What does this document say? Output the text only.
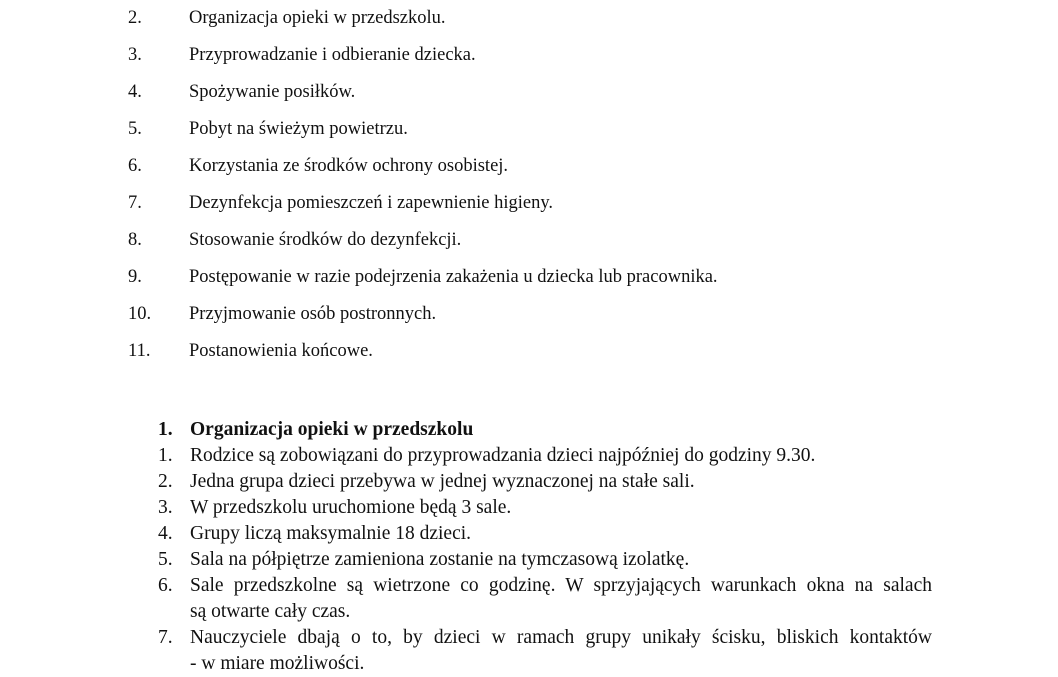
2.	Organizacja opieki w przedszkolu.
3.	Przyprowadzanie i odbieranie dziecka.
4.	Spożywanie posiłków.
5.	Pobyt na świeżym powietrzu.
6.	Korzystania ze środków ochrony osobistej.
7.	Dezynfekcja pomieszczeń i zapewnienie higieny.
8.	Stosowanie środków do dezynfekcji.
9.	Postępowanie w razie podejrzenia zakażenia u dziecka lub pracownika.
10.	Przyjmowanie osób postronnych.
11.	Postanowienia końcowe.
1. Organizacja opieki w przedszkolu
1. Rodzice są zobowiązani do przyprowadzania dzieci najpóźniej do godziny 9.30.
2. Jedna grupa dzieci przebywa w jednej wyznaczonej na stałe sali.
3. W przedszkolu uruchomione będą 3 sale.
4. Grupy liczą maksymalnie 18 dzieci.
5. Sala na półpiętrze zamieniona zostanie na tymczasową izolatkę.
6. Sale przedszkolne są wietrzone co godzinę. W sprzyjających warunkach okna na salach
są otwarte cały czas.
7. Nauczyciele dbają o to, by dzieci w ramach grupy unikały ścisku, bliskich kontaktów
- w miare możliwości.
